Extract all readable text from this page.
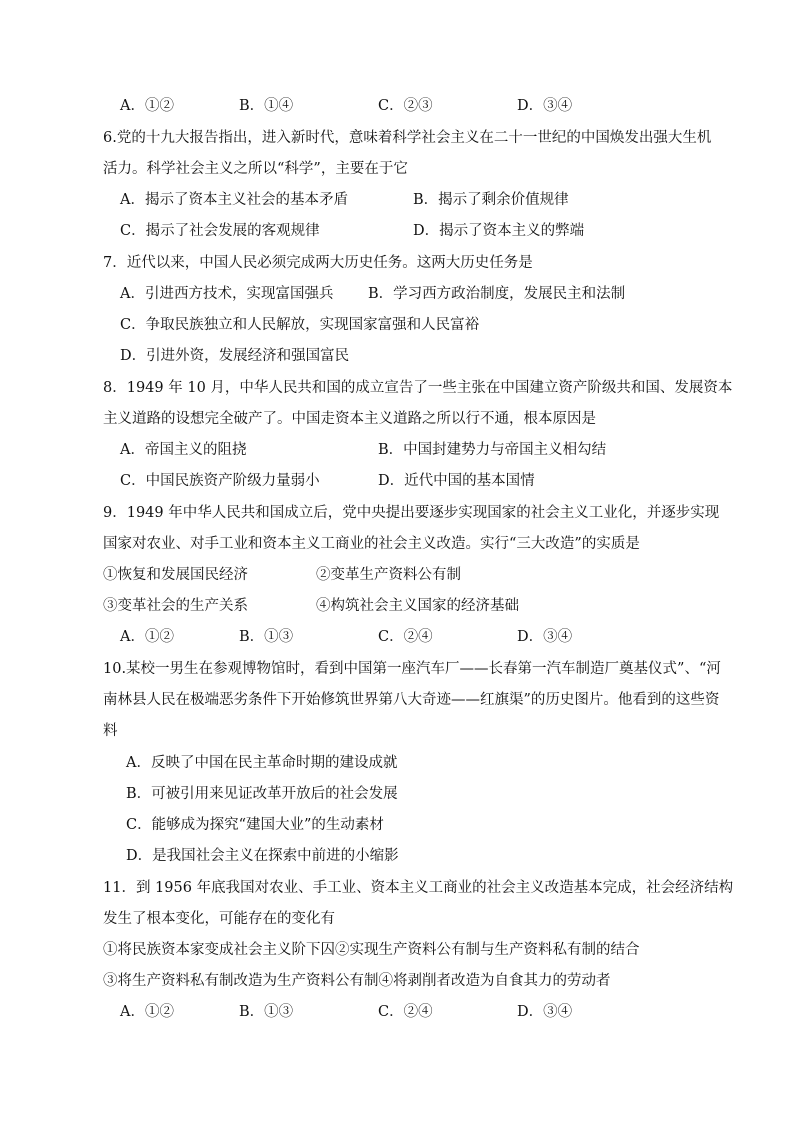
A．①②	B．①④	C．②③	D．③④
6.党的十九大报告指出，进入新时代，意味着科学社会主义在二十一世纪的中国焕发出强大生机
活力。科学社会主义之所以“科学”，主要在于它
A．揭示了资本主义社会的基本矛盾	B．揭示了剩余价值规律
C．揭示了社会发展的客观规律	D．揭示了资本主义的弊端
7．近代以来，中国人民必须完成两大历史任务。这两大历史任务是
A．引进西方技术，实现富国强兵 B．学习西方政治制度，发展民主和法制
C．争取民族独立和人民解放，实现国家富强和人民富裕
D．引进外资，发展经济和强国富民
8．1949 年 10 月，中华人民共和国的成立宣告了一些主张在中国建立资产阶级共和国、发展资本
主义道路的设想完全破产了。中国走资本主义道路之所以行不通，根本原因是
A．帝国主义的阻挠	B．中国封建势力与帝国主义相勾结
C．中国民族资产阶级力量弱小	D．近代中国的基本国情
9．1949 年中华人民共和国成立后，党中央提出要逐步实现国家的社会主义工业化，并逐步实现
国家对农业、对手工业和资本主义工商业的社会主义改造。实行“三大改造”的实质是
①恢复和发展国民经济	②变革生产资料公有制
③变革社会的生产关系	④构筑社会主义国家的经济基础
A．①②	B．①③	C．②④	D．③④
10.某校一男生在参观博物馆时，看到中国第一座汽车厂——长春第一汽车制造厂奠基仪式”、“河
南林县人民在极端恶劣条件下开始修筑世界第八大奇迹——红旗渠”的历史图片。他看到的这些资
料
A．反映了中国在民主革命时期的建设成就
B．可被引用来见证改革开放后的社会发展
C．能够成为探究“建国大业”的生动素材
D．是我国社会主义在探索中前进的小缩影
11．到 1956 年底我国对农业、手工业、资本主义工商业的社会主义改造基本完成，社会经济结构
发生了根本变化，可能存在的变化有
①将民族资本家变成社会主义阶下囚②实现生产资料公有制与生产资料私有制的结合
③将生产资料私有制改造为生产资料公有制④将剥削者改造为自食其力的劳动者
A．①②	B．①③	C．②④	D．③④
